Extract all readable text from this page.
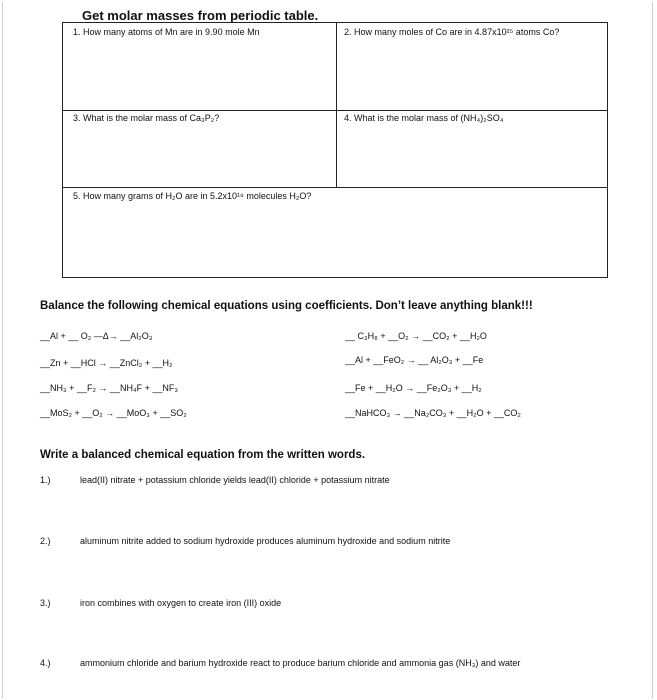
Get molar masses from periodic table.
1. How many atoms of Mn are in 9.90 mole Mn	2. How many moles of Co are in 4.87x10²⁵ atoms Co?
3. What is the molar mass of Ca₃P₂?	4. What is the molar mass of (NH₄)₂SO₄
5. How many grams of H₂O are in 5.2x10¹⁸ molecules H₂O?
Balance the following chemical equations using coefficients. Don’t leave anything blank!!!
__Al + __ O₂ —Δ→ __Al₂O₃
__Zn + __HCl → __ZnCl₂ + __H₂
__NH₃ + __F₂ → __NH₄F + __NF₃
__MoS₂ + __O₂ → __MoO₃ + __SO₂
__ C₃H₈ + __O₂ → __CO₂ + __H₂O
__Al + __FeO₂ → __ Al₂O₃ + __Fe
__Fe + __H₂O → __Fe₂O₃ + __H₂
__NaHCO₃ → __Na₂CO₃ + __H₂O + __CO₂
Write a balanced chemical equation from the written words.
1.)	lead(II) nitrate + potassium chloride yields lead(II) chloride + potassium nitrate
2.)	aluminum nitrite added to sodium hydroxide produces aluminum hydroxide and sodium nitrite
3.)	iron combines with oxygen to create iron (III) oxide
4.)	ammonium chloride and barium hydroxide react to produce barium chloride and ammonia gas (NH₃) and water
